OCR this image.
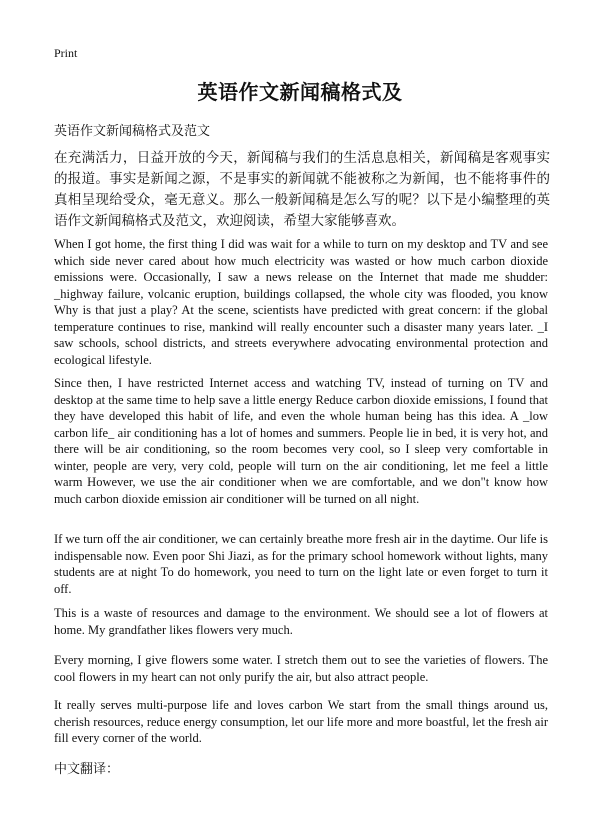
Print
英语作文新闻稿格式及

英语作文新闻稿格式及范文

在充满活力，日益开放的今天，新闻稿与我们的生活息息相关，新闻稿是客观事实的报道。事实是新闻之源，不是事实的新闻就不能被称之为新闻，也不能将事件的真相呈现给受众，毫无意义。那么一般新闻稿是怎么写的呢？以下是小编整理的英语作文新闻稿格式及范文，欢迎阅读，希望大家能够喜欢。

When I got home, the first thing I did was wait for a while to turn on my desktop and TV and see which side never cared about how much electricity was wasted or how much carbon dioxide emissions were. Occasionally, I saw a news release on the Internet that made me shudder: _highway failure, volcanic eruption, buildings collapsed, the whole city was flooded, you know Why is that just a play? At the scene, scientists have predicted with great concern: if the global temperature continues to rise, mankind will really encounter such a disaster many years later. _I saw schools, school districts, and streets everywhere advocating environmental protection and ecological lifestyle.

Since then, I have restricted Internet access and watching TV, instead of turning on TV and desktop at the same time to help save a little energy Reduce carbon dioxide emissions, I found that they have developed this habit of life, and even the whole human being has this idea. A _low carbon life_ air conditioning has a lot of homes and summers. People lie in bed, it is very hot, and there will be air conditioning, so the room becomes very cool, so I sleep very comfortable in winter, people are very, very cold, people will turn on the air conditioning, let me feel a little warm However, we use the air conditioner when we are comfortable, and we don"t know how much carbon dioxide emission air conditioner will be turned on all night.

If we turn off the air conditioner, we can certainly breathe more fresh air in the daytime. Our life is indispensable now. Even poor Shi Jiazi, as for the primary school homework without lights, many students are at night To do homework, you need to turn on the light late or even forget to turn it off.

This is a waste of resources and damage to the environment. We should see a lot of flowers at home. My grandfather likes flowers very much.

Every morning, I give flowers some water. I stretch them out to see the varieties of flowers. The cool flowers in my heart can not only purify the air, but also attract people.

It really serves multi-purpose life and loves carbon We start from the small things around us, cherish resources, reduce energy consumption, let our life more and more boastful, let the fresh air fill every corner of the world.

中文翻译：
